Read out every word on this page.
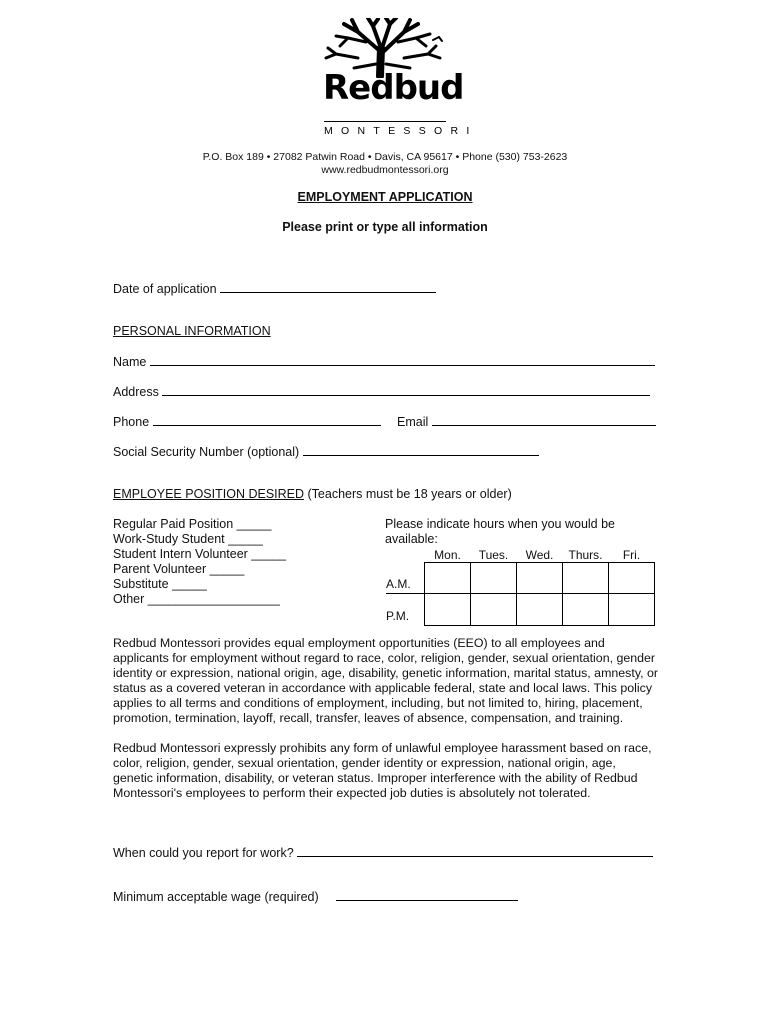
Redbud
MONTESSORI
P.O. Box 189 • 27082 Patwin Road • Davis, CA 95617 • Phone (530) 753-2623
www.redbudmontessori.org
EMPLOYMENT APPLICATION
Please print or type all information
Date of application
PERSONAL INFORMATION
Name
Address
Phone	Email
Social Security Number (optional)
EMPLOYEE POSITION DESIRED (Teachers must be 18 years or older)
Regular Paid Position _____
Work-Study Student _____
Student Intern Volunteer _____
Parent Volunteer _____
Substitute _____
Other ___________________
Please indicate hours when you would be
available:
	Mon.	Tues.	Wed.	Thurs.	Fri.
A.M.					
P.M.					

Redbud Montessori provides equal employment opportunities (EEO) to all employees and applicants for employment without regard to race, color, religion, gender, sexual orientation, gender identity or expression, national origin, age, disability, genetic information, marital status, amnesty, or status as a covered veteran in accordance with applicable federal, state and local laws. This policy applies to all terms and conditions of employment, including, but not limited to, hiring, placement, promotion, termination, layoff, recall, transfer, leaves of absence, compensation, and training.

Redbud Montessori expressly prohibits any form of unlawful employee harassment based on race, color, religion, gender, sexual orientation, gender identity or expression, national origin, age, genetic information, disability, or veteran status. Improper interference with the ability of Redbud Montessori's employees to perform their expected job duties is absolutely not tolerated.

When could you report for work?
Minimum acceptable wage (required)
